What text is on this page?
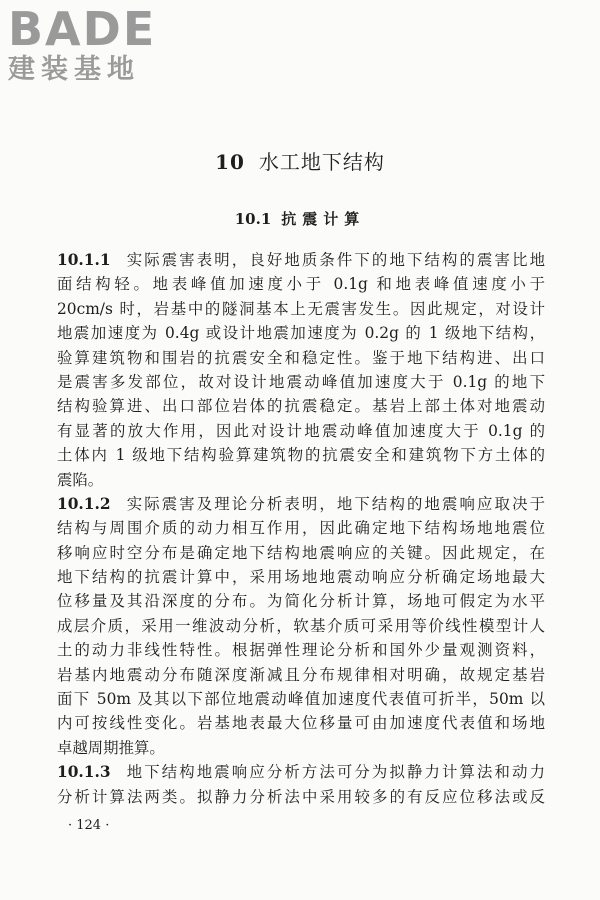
BADE
建装基地
10 水工地下结构
10.1 抗震计算
10.1.1 实际震害表明，良好地质条件下的地下结构的震害比地
面结构轻。地表峰值加速度小于 0.1g 和地表峰值速度小于
20cm/s 时，岩基中的隧洞基本上无震害发生。因此规定，对设计
地震加速度为 0.4g 或设计地震加速度为 0.2g 的 1 级地下结构，
验算建筑物和围岩的抗震安全和稳定性。鉴于地下结构进、出口
是震害多发部位，故对设计地震动峰值加速度大于 0.1g 的地下
结构验算进、出口部位岩体的抗震稳定。基岩上部土体对地震动
有显著的放大作用，因此对设计地震动峰值加速度大于 0.1g 的
土体内 1 级地下结构验算建筑物的抗震安全和建筑物下方土体的
震陷。
10.1.2 实际震害及理论分析表明，地下结构的地震响应取决于
结构与周围介质的动力相互作用，因此确定地下结构场地地震位
移响应时空分布是确定地下结构地震响应的关键。因此规定，在
地下结构的抗震计算中，采用场地地震动响应分析确定场地最大
位移量及其沿深度的分布。为简化分析计算，场地可假定为水平
成层介质，采用一维波动分析，软基介质可采用等价线性模型计人
土的动力非线性特性。根据弹性理论分析和国外少量观测资料，
岩基内地震动分布随深度渐减且分布规律相对明确，故规定基岩
面下 50m 及其以下部位地震动峰值加速度代表值可折半，50m 以
内可按线性变化。岩基地表最大位移量可由加速度代表值和场地
卓越周期推算。
10.1.3 地下结构地震响应分析方法可分为拟静力计算法和动力
分析计算法两类。拟静力分析法中采用较多的有反应位移法或反
· 124 ·
